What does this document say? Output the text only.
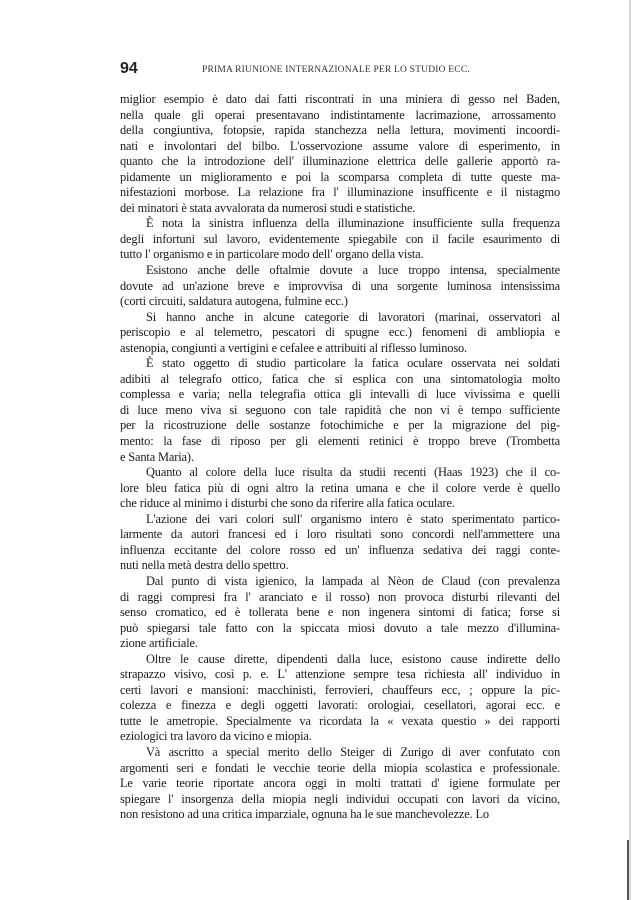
94	PRIMA RIUNIONE INTERNAZIONALE PER LO STUDIO ECC.
miglior esempio è dato dai fatti riscontrati in una miniera di gesso nel Baden,
nella quale gli operai presentavano indistintamente lacrimazione, arrossamento
della congiuntiva, fotopsie, rapida stanchezza nella lettura, movimenti incoordi-
nati e involontari del bilbo. L'osservozione assume valore di esperimento, in
quanto che la introdozione dell' illuminazione elettrica delle gallerie apportò ra-
pidamente un miglioramento e poi la scomparsa completa di tutte queste ma-
nifestazioni morbose. La relazione fra l' illuminazione insufficente e il nistagmo
dei minatori è stata avvalorata da numerosi studi e statistiche.
È nota la sinistra influenza della illuminazione insufficiente sulla frequenza
degli infortuni sul lavoro, evidentemente spiegabile con il facile esaurimento di
tutto l' organismo e in particolare modo dell' organo della vista.
Esistono anche delle oftalmie dovute a luce troppo intensa, specialmente
dovute ad un'azione breve e improvvisa di una sorgente luminosa intensissima
(corti circuiti, saldatura autogena, fulmine ecc.)
Si hanno anche in alcune categorie di lavoratori (marinai, osservatori al
periscopio e al telemetro, pescatori di spugne ecc.) fenomeni di ambliopia e
astenopia, congiunti a vertigini e cefalee e attribuiti al riflesso luminoso.
È stato oggetto di studio particolare la fatica oculare osservata nei soldati
adibiti al telegrafo ottico, fatica che si esplica con una sintomatologia molto
complessa e varia; nella telegrafia ottica gli intevalli di luce vivissima e quelli
di luce meno viva si seguono con tale rapidità che non vi è tempo sufficiente
per la ricostruzione delle sostanze fotochimiche e per la migrazione del pig-
mento: la fase di riposo per gli elementi retinici è troppo breve (Trombetta
e Santa Maria).
Quanto al colore della luce risulta da studii recenti (Haas 1923) che il co-
lore bleu fatica più di ogni altro la retina umana e che il colore verde è quello
che riduce al minimo i disturbi che sono da riferire alla fatica oculare.
L'azione dei vari colori sull' organismo intero è stato sperimentato partico-
larmente da autori francesi ed i loro risultati sono concordi nell'ammettere una
influenza eccitante del colore rosso ed un' influenza sedativa dei raggi conte-
nuti nella metà destra dello spettro.
Dal punto di vista igienico, la lampada al Nèon de Claud (con prevalenza
di raggi compresi fra l' aranciato e il rosso) non provoca disturbi rilevanti del
senso cromatico, ed è tollerata bene e non ingenera sintomi di fatica; forse si
può spiegarsi tale fatto con la spiccata miosi dovuto a tale mezzo d'illumina-
zione artificiale.
Oltre le cause dirette, dipendenti dalla luce, esistono cause indirette dello
strapazzo visivo, così p. e. L' attenzione sempre tesa richiesta all' individuo in
certi lavori e mansioni: macchinisti, ferrovieri, chauffeurs ecc, ; oppure la pic-
colezza e finezza e degli oggetti lavorati: orologiai, cesellatori, agorai ecc. e
tutte le ametropie. Specialmente va ricordata la « vexata questio » dei rapporti
eziologici tra lavoro da vicino e miopia.
Và ascritto a special merito dello Steiger di Zurigo di aver confutato con
argomenti seri e fondati le vecchie teorie della miopia scolastica e professionale.
Le varie teorie riportate ancora oggi in molti trattati d' igiene formulate per
spiegare l' insorgenza della miopia negli individui occupati con lavori da vicino,
non resistono ad una critica imparziale, ognuna ha le sue manchevolezze. Lo
